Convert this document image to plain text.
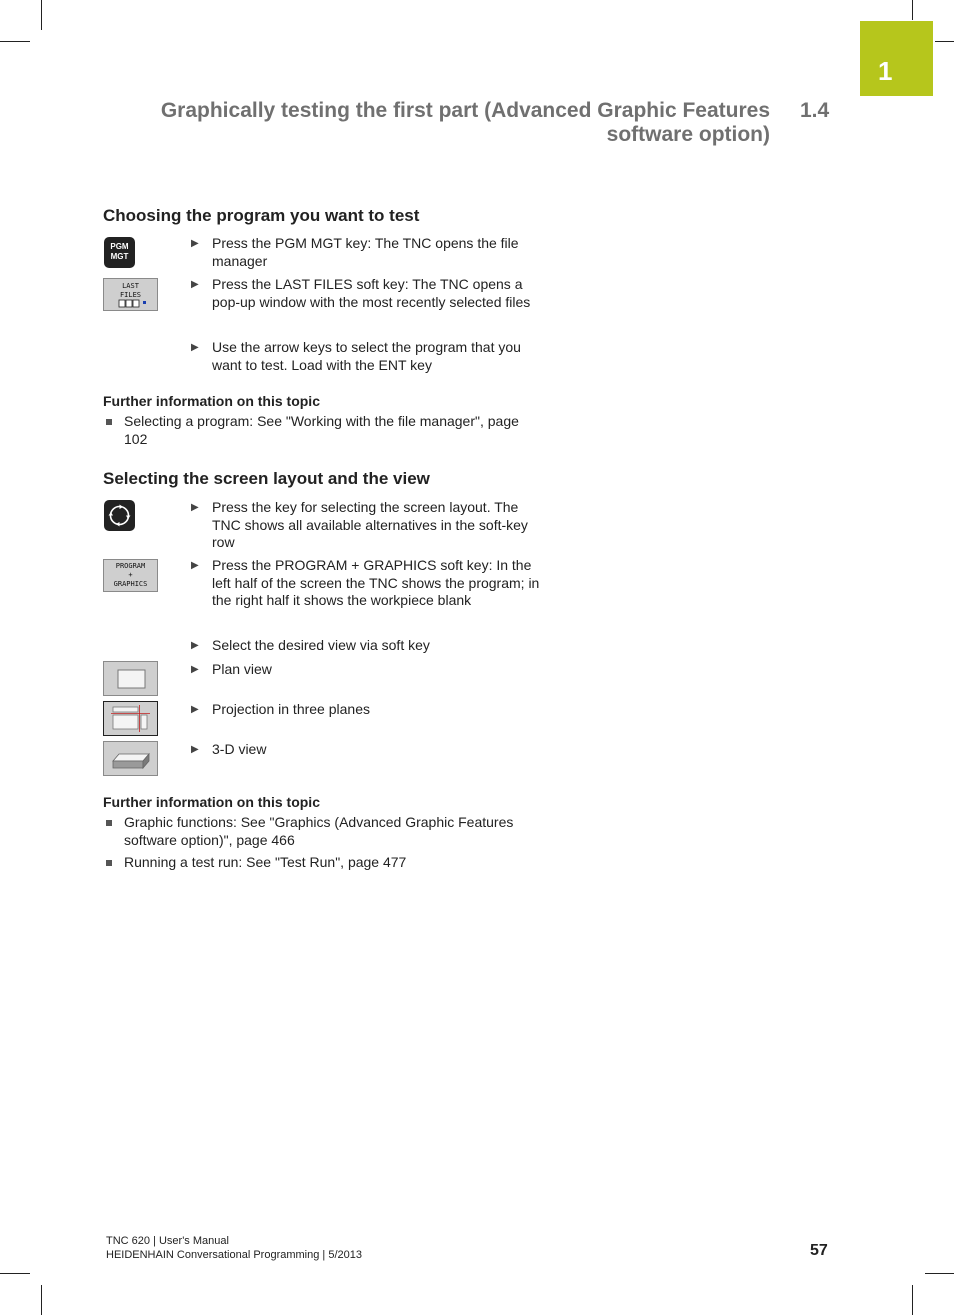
1
Graphically testing the first part (Advanced Graphic Features
software option)
1.4
Choosing the program you want to test
PGM
MGT
LAST
FILES
▶ Press the PGM MGT key: The TNC opens the file manager
▶ Press the LAST FILES soft key: The TNC opens a pop-up window with the most recently selected files
▶ Use the arrow keys to select the program that you want to test. Load with the ENT key
Further information on this topic
Selecting a program: See "Working with the file manager", page 102
Selecting the screen layout and the view
PROGRAM
+
GRAPHICS
▶ Press the key for selecting the screen layout. The TNC shows all available alternatives in the soft-key row
▶ Press the PROGRAM + GRAPHICS soft key: In the left half of the screen the TNC shows the program; in the right half it shows the workpiece blank
▶ Select the desired view via soft key
▶ Plan view
▶ Projection in three planes
▶ 3-D view
Further information on this topic
Graphic functions: See "Graphics (Advanced Graphic Features software option)", page 466
Running a test run: See "Test Run", page 477
TNC 620 | User's Manual
HEIDENHAIN Conversational Programming | 5/2013	57
